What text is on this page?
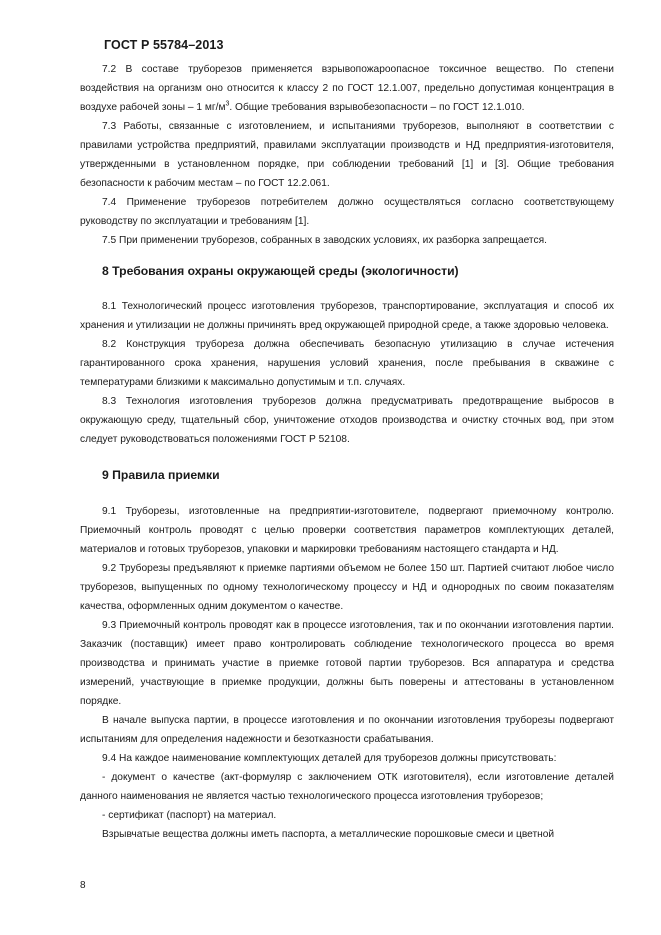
ГОСТ Р 55784–2013

7.2 В составе труборезов применяется взрывопожароопасное токсичное вещество. По степени воздействия на организм оно относится к классу 2 по ГОСТ 12.1.007, предельно допустимая концентрация в воздухе рабочей зоны – 1 $мг/м^3$. Общие требования взрывобезопасности – по ГОСТ 12.1.010.

7.3 Работы, связанные с изготовлением, и испытаниями труборезов, выполняют в соответствии с правилами устройства предприятий, правилами эксплуатации производств и НД предприятия-изготовителя, утвержденными в установленном порядке, при соблюдении требований [1] и [3]. Общие требования безопасности к рабочим местам – по ГОСТ 12.2.061.

7.4 Применение труборезов потребителем должно осуществляться согласно соответствующему руководству по эксплуатации и требованиям [1].

7.5 При применении труборезов, собранных в заводских условиях, их разборка запрещается.

8 Требования охраны окружающей среды (экологичности)

8.1 Технологический процесс изготовления труборезов, транспортирование, эксплуатация и способ их хранения и утилизации не должны причинять вред окружающей природной среде, а также здоровью человека.

8.2 Конструкция трубореза должна обеспечивать безопасную утилизацию в случае истечения гарантированного срока хранения, нарушения условий хранения, после пребывания в скважине с температурами близкими к максимально допустимым и т.п. случаях.

8.3 Технология изготовления труборезов должна предусматривать предотвращение выбросов в окружающую среду, тщательный сбор, уничтожение отходов производства и очистку сточных вод, при этом следует руководствоваться положениями ГОСТ Р 52108.

9 Правила приемки

9.1 Труборезы, изготовленные на предприятии-изготовителе, подвергают приемочному контролю. Приемочный контроль проводят с целью проверки соответствия параметров комплектующих деталей, материалов и готовых труборезов, упаковки и маркировки требованиям настоящего стандарта и НД.

9.2 Труборезы предъявляют к приемке партиями объемом не более 150 шт. Партией считают любое число труборезов, выпущенных по одному технологическому процессу и НД и однородных по своим показателям качества, оформленных одним документом о качестве.

9.3 Приемочный контроль проводят как в процессе изготовления, так и по окончании изготовления партии. Заказчик (поставщик) имеет право контролировать соблюдение технологического процесса во время производства и принимать участие в приемке готовой партии труборезов. Вся аппаратура и средства измерений, участвующие в приемке продукции, должны быть поверены и аттестованы в установленном порядке.

В начале выпуска партии, в процессе изготовления и по окончании изготовления труборезы подвергают испытаниям для определения надежности и безотказности срабатывания.

9.4 На каждое наименование комплектующих деталей для труборезов должны присутствовать:

- документ о качестве (акт-формуляр с заключением ОТК изготовителя), если изготовление деталей данного наименования не является частью технологического процесса изготовления труборезов;

- сертификат (паспорт) на материал.

Взрывчатые вещества должны иметь паспорта, а металлические порошковые смеси и цветной

8
